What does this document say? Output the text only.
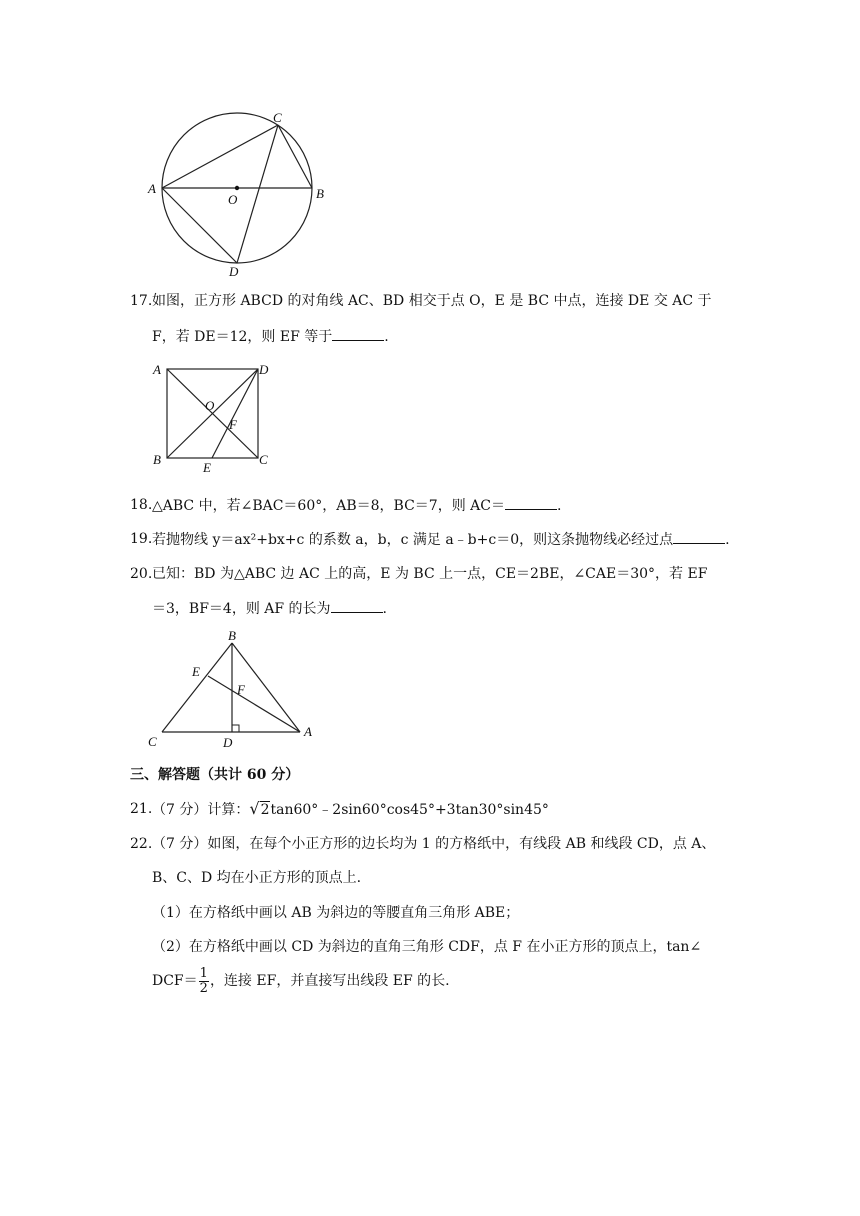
A	B
C
D
O
17. 如图，正方形 ABCD 的对角线 AC、BD 相交于点 O，E 是 BC 中点，连接 DE 交 AC 于
F，若 DE＝12，则 EF 等于	.
A
B	C
D
O
F
E
18. △ABC 中，若∠BAC＝60°，AB＝8，BC＝7，则 AC＝	.
19. 若抛物线 y＝ax²+bx+c 的系数 a，b，c 满足 a﹣b+c＝0，则这条抛物线必经过点	.
20. 已知：BD 为△ABC 边 AC 上的高，E 为 BC 上一点，CE＝2BE，∠CAE＝30°，若 EF
＝3，BF＝4，则 AF 的长为	.
B
E
F
C	D
A
三、解答题（共计 60 分）
21. （7 分）计算：√2tan60°﹣2sin60°cos45°+3tan30°sin45°
22. （7 分）如图，在每个小正方形的边长均为 1 的方格纸中，有线段 AB 和线段 CD，点 A、
B、C、D 均在小正方形的顶点上.
（1）在方格纸中画以 AB 为斜边的等腰直角三角形 ABE；
（2）在方格纸中画以 CD 为斜边的直角三角形 CDF，点 F 在小正方形的顶点上，tan∠
$DCF= \frac{1}{2}$ ，连接 EF，并直接写出线段 EF 的长.
